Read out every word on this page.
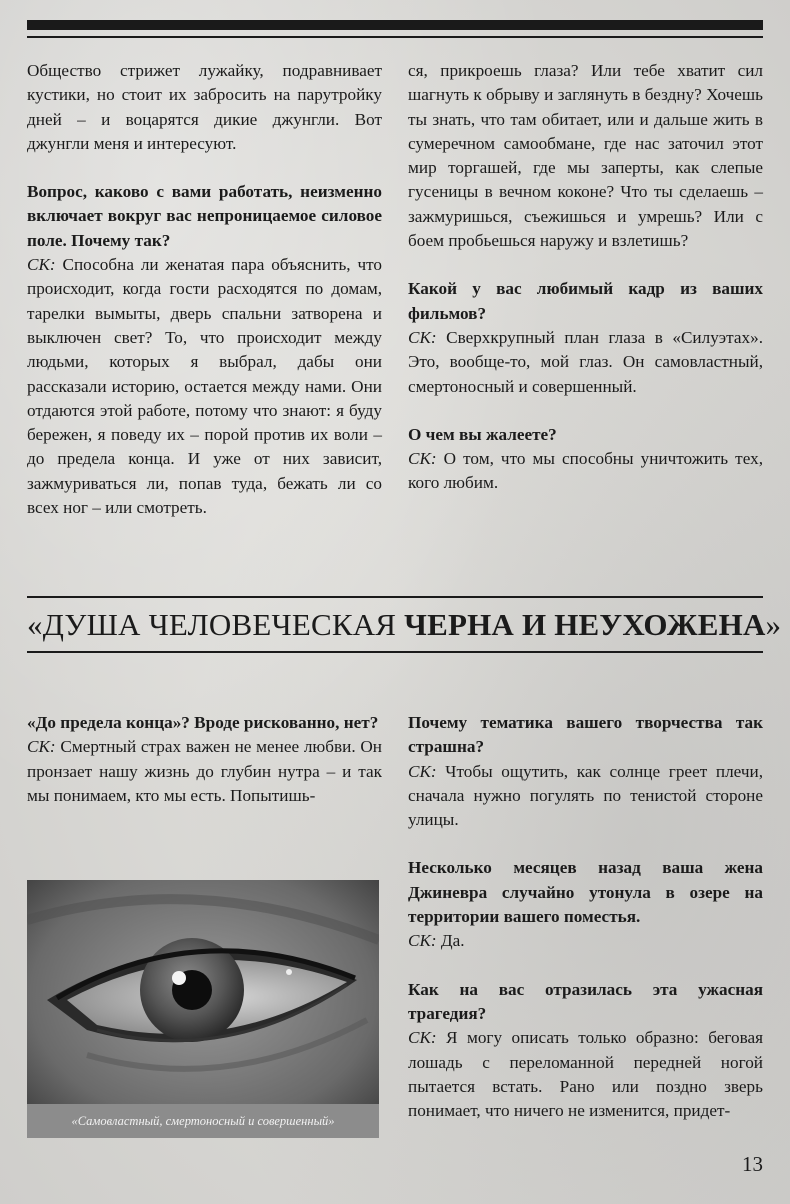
Общество стрижет лужайку, подравнивает кустики, но стоит их забросить на парутройку дней – и воцарятся дикие джунгли. Вот джунгли меня и интересуют.

Вопрос, каково с вами работать, неизменно включает вокруг вас непроницаемое силовое поле. Почему так?

СК: Способна ли женатая пара объяснить, что происходит, когда гости расходятся по домам, тарелки вымыты, дверь спальни затворена и выключен свет? То, что происходит между людьми, которых я выбрал, дабы они рассказали историю, остается между нами. Они отдаются этой работе, потому что знают: я буду бережен, я поведу их – порой против их воли – до предела конца. И уже от них зависит, зажмуриваться ли, попав туда, бежать ли со всех ног – или смотреть.

ся, прикроешь глаза? Или тебе хватит сил шагнуть к обрыву и заглянуть в бездну? Хочешь ты знать, что там обитает, или и дальше жить в сумеречном самообмане, где нас заточил этот мир торгашей, где мы заперты, как слепые гусеницы в вечном коконе? Что ты сделаешь – зажмуришься, съежишься и умрешь? Или с боем пробьешься наружу и взлетишь?

Какой у вас любимый кадр из ваших фильмов?

СК: Сверхкрупный план глаза в «Силуэтах». Это, вообще-то, мой глаз. Он самовластный, смертоносный и совершенный.

О чем вы жалеете?

СК: О том, что мы способны уничтожить тех, кого любим.

«ДУША ЧЕЛОВЕЧЕСКАЯ ЧЕРНА И НЕУХОЖЕНА»

«До предела конца»? Вроде рискованно, нет?

СК: Смертный страх важен не менее любви. Он пронзает нашу жизнь до глубин нутра – и так мы понимаем, кто мы есть. Попытишь-

«Самовластный, смертоносный и совершенный»

Почему тематика вашего творчества так страшна?

СК: Чтобы ощутить, как солнце греет плечи, сначала нужно погулять по тенистой стороне улицы.

Несколько месяцев назад ваша жена Джиневра случайно утонула в озере на территории вашего поместья.

СК: Да.

Как на вас отразилась эта ужасная трагедия?

СК: Я могу описать только образно: беговая лошадь с переломанной передней ногой пытается встать. Рано или поздно зверь понимает, что ничего не изменится, придет-

13
